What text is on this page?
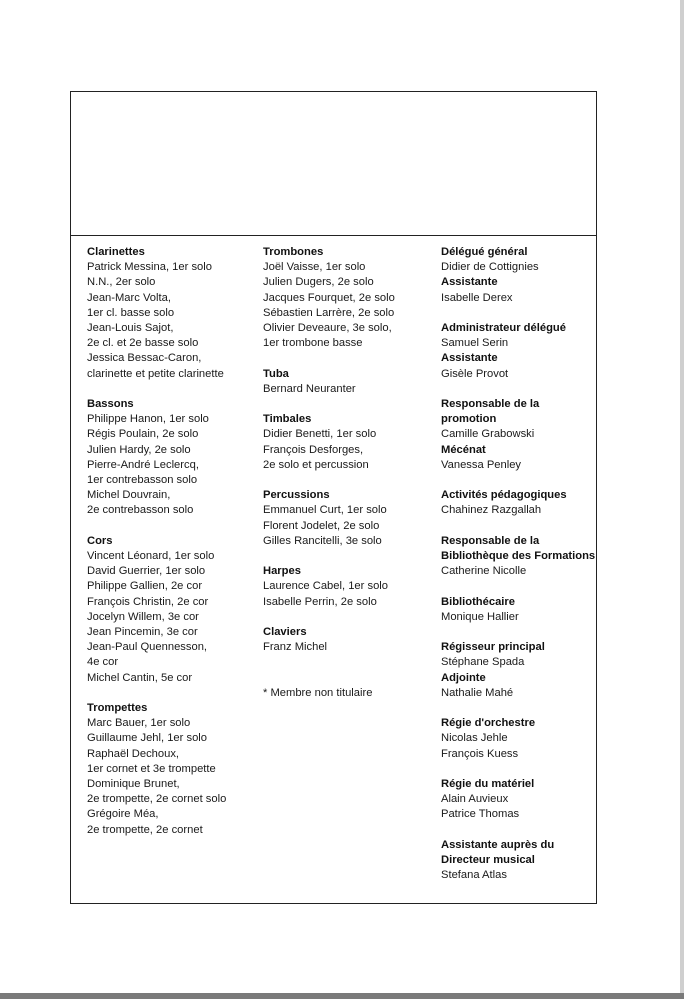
Clarinettes
Patrick Messina, 1er solo
N.N., 2er solo
Jean-Marc Volta,
1er cl. basse solo
Jean-Louis Sajot,
2e cl. et 2e basse solo
Jessica Bessac-Caron,
clarinette et petite clarinette
Bassons
Philippe Hanon, 1er solo
Régis Poulain, 2e solo
Julien Hardy, 2e solo
Pierre-André Leclercq,
1er contrebasson solo
Michel Douvrain,
2e contrebasson solo
Cors
Vincent Léonard, 1er solo
David Guerrier, 1er solo
Philippe Gallien, 2e cor
François Christin, 2e cor
Jocelyn Willem, 3e cor
Jean Pincemin, 3e cor
Jean-Paul Quennesson,
4e cor
Michel Cantin, 5e cor
Trompettes
Marc Bauer, 1er solo
Guillaume Jehl, 1er solo
Raphaël Dechoux,
1er cornet et 3e trompette
Dominique Brunet,
2e trompette, 2e cornet solo
Grégoire Méa,
2e trompette, 2e cornet
Trombones
Joël Vaisse, 1er solo
Julien Dugers, 2e solo
Jacques Fourquet, 2e solo
Sébastien Larrère, 2e solo
Olivier Deveaure, 3e solo,
1er trombone basse
Tuba
Bernard Neuranter
Timbales
Didier Benetti, 1er solo
François Desforges,
2e solo et percussion
Percussions
Emmanuel Curt, 1er solo
Florent Jodelet, 2e solo
Gilles Rancitelli, 3e solo
Harpes
Laurence Cabel, 1er solo
Isabelle Perrin, 2e solo
Claviers
Franz Michel

* Membre non titulaire
Délégué général
Didier de Cottignies
Assistante
Isabelle Derex
Administrateur délégué
Samuel Serin
Assistante
Gisèle Provot
Responsable de la promotion
Camille Grabowski
Mécénat
Vanessa Penley
Activités pédagogiques
Chahinez Razgallah
Responsable de la Bibliothèque des Formations
Catherine Nicolle
Bibliothécaire
Monique Hallier
Régisseur principal
Stéphane Spada
Adjointe
Nathalie Mahé
Régie d'orchestre
Nicolas Jehle
François Kuess
Régie du matériel
Alain Auvieux
Patrice Thomas
Assistante auprès du Directeur musical
Stefana Atlas
